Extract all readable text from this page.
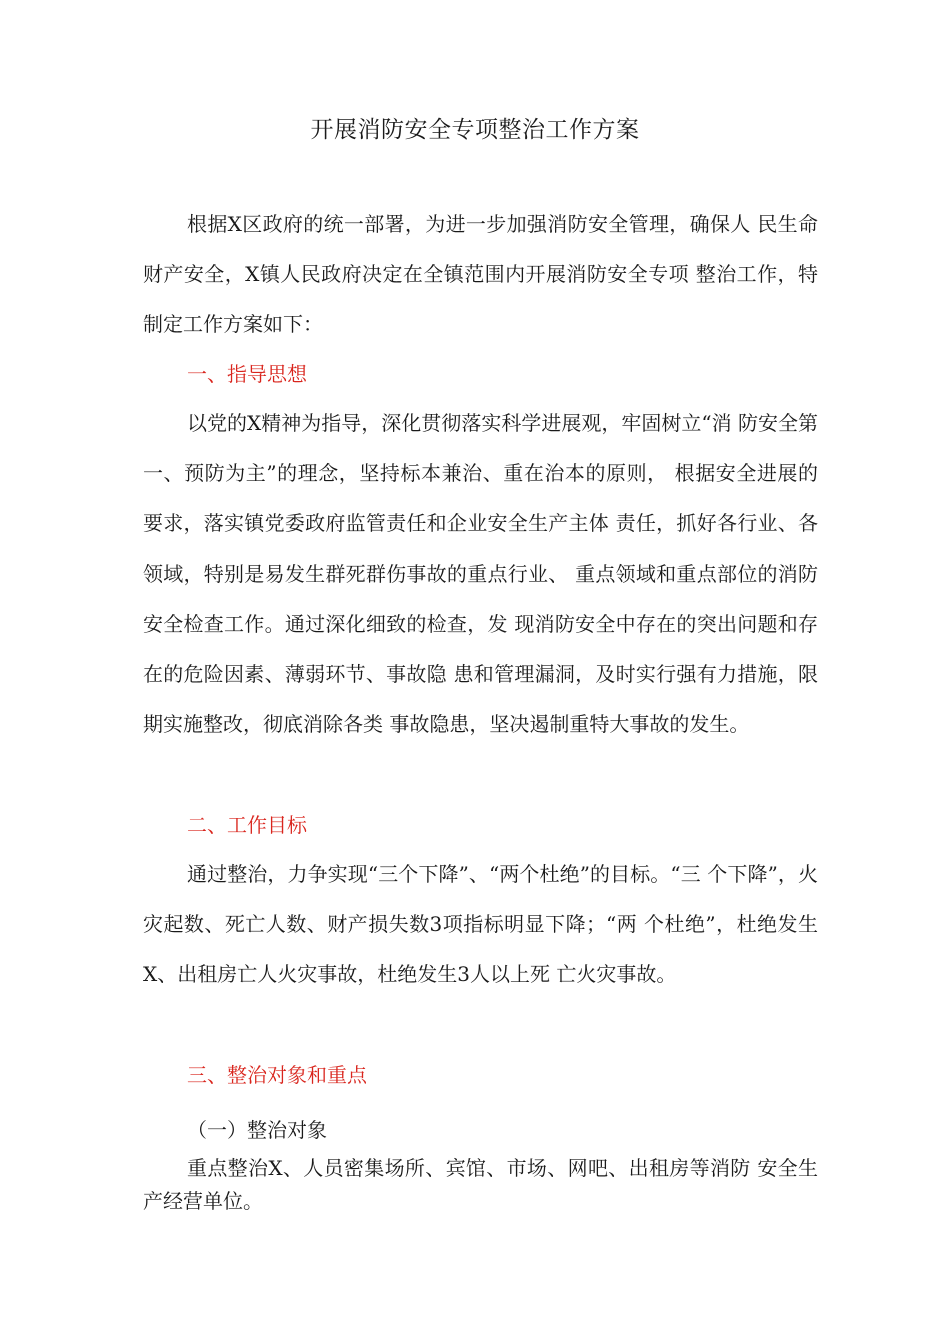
开展消防安全专项整治工作方案

根据X区政府的统一部署，为进一步加强消防安全管理，确保人 民生命财产安全，X镇人民政府决定在全镇范围内开展消防安全专项 整治工作，特制定工作方案如下：

一、指导思想

以党的X精神为指导，深化贯彻落实科学进展观，牢固树立“消 防安全第一、预防为主”的理念，坚持标本兼治、重在治本的原则， 根据安全进展的要求，落实镇党委政府监管责任和企业安全生产主体 责任，抓好各行业、各领域，特别是易发生群死群伤事故的重点行业、 重点领域和重点部位的消防安全检查工作。通过深化细致的检查，发 现消防安全中存在的突出问题和存在的危险因素、薄弱环节、事故隐 患和管理漏洞，及时实行强有力措施，限期实施整改，彻底消除各类 事故隐患，坚决遏制重特大事故的发生。

二、工作目标

通过整治，力争实现“三个下降”、“两个杜绝”的目标。“三 个下降”，火灾起数、死亡人数、财产损失数3项指标明显下降；“两 个杜绝”，杜绝发生X、出租房亡人火灾事故，杜绝发生3人以上死 亡火灾事故。

三、整治对象和重点
（一）整治对象

重点整治X、人员密集场所、宾馆、市场、网吧、出租房等消防 安全生产经营单位。
